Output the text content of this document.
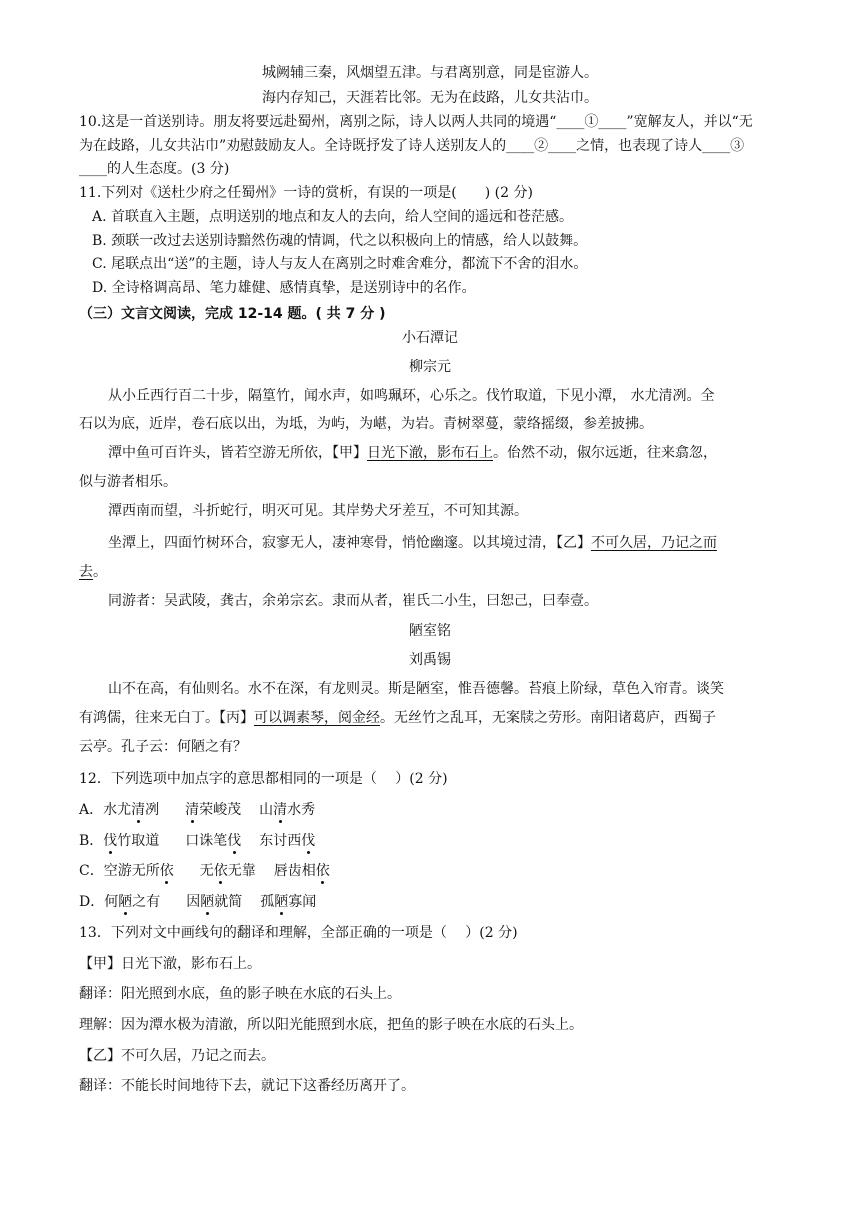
城阙辅三秦，风烟望五津。与君离别意，同是宦游人。
海内存知己，天涯若比邻。无为在歧路，儿女共沾巾。
10.这是一首送别诗。朋友将要远赴蜀州，离别之际，诗人以两人共同的境遇“____①____”宽解友人，并以“无
为在歧路，儿女共沾巾”劝慰鼓励友人。全诗既抒发了诗人送别友人的____②____之情，也表现了诗人____③
____的人生态度。(3 分)
11.下列对《送杜少府之任蜀州》一诗的赏析，有误的一项是(　　) (2 分)
A. 首联直入主题，点明送别的地点和友人的去向，给人空间的遥远和苍茫感。
B. 颈联一改过去送别诗黯然伤魂的情调，代之以积极向上的情感，给人以鼓舞。
C. 尾联点出“送”的主题，诗人与友人在离别之时难舍难分，都流下不舍的泪水。
D. 全诗格调高昂、笔力雄健、感情真挚，是送别诗中的名作。
（三）文言文阅读，完成 12-14 题。( 共 7 分 )
小石潭记
柳宗元
从小丘西行百二十步，隔篁竹，闻水声，如鸣珮环，心乐之。伐竹取道，下见小潭， 水尤清冽。全
石以为底，近岸，卷石底以出，为坻，为屿，为嵁，为岩。青树翠蔓，蒙络摇缀，参差披拂。
潭中鱼可百许头，皆若空游无所依，【甲】日光下澈，影布石上。佁然不动，俶尔远逝，往来翕忽，
似与游者相乐。
潭西南而望，斗折蛇行，明灭可见。其岸势犬牙差互，不可知其源。
坐潭上，四面竹树环合，寂寥无人，凄神寒骨，悄怆幽邃。以其境过清，【乙】不可久居，乃记之而
去。
同游者：吴武陵，龚古，余弟宗玄。隶而从者，崔氏二小生，曰恕己，曰奉壹。
陋室铭
刘禹锡
山不在高，有仙则名。水不在深，有龙则灵。斯是陋室，惟吾德馨。苔痕上阶绿，草色入帘青。谈笑
有鸿儒，往来无白丁。【丙】可以调素琴，阅金经。无丝竹之乱耳，无案牍之劳形。南阳诸葛庐，西蜀子
云亭。孔子云：何陋之有？
12．下列选项中加点字的意思都相同的一项是（　 ）(2 分)
A．水尤清冽 清荣峻茂 山清水秀
B．伐竹取道 口诛笔伐 东讨西伐
C．空游无所依 无依无靠 唇齿相依
D．何陋之有 因陋就简 孤陋寡闻
13．下列对文中画线句的翻译和理解，全部正确的一项是（　 ）(2 分)
【甲】日光下澈，影布石上。
翻译：阳光照到水底，鱼的影子映在水底的石头上。
理解：因为潭水极为清澈，所以阳光能照到水底，把鱼的影子映在水底的石头上。
【乙】不可久居，乃记之而去。
翻译：不能长时间地待下去，就记下这番经历离开了。
